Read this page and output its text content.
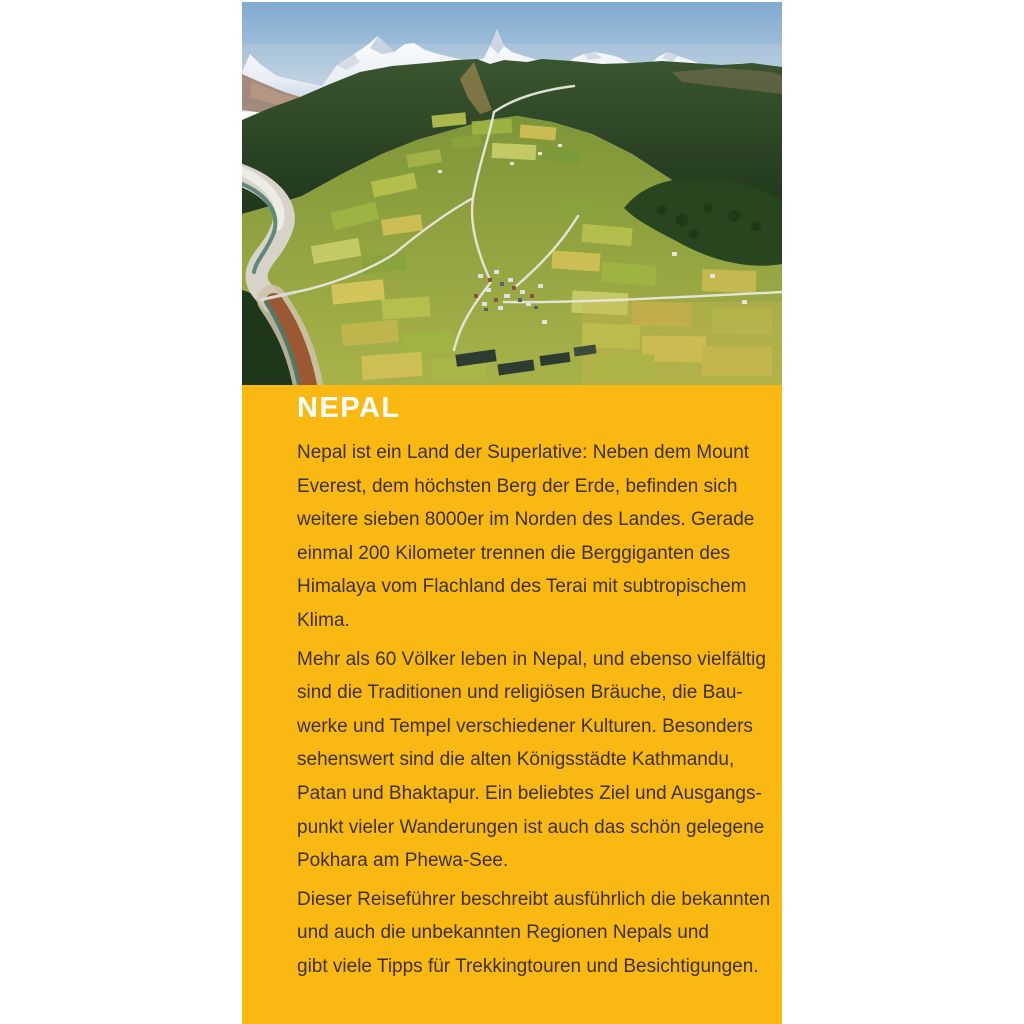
NEPAL
Nepal ist ein Land der Superlative: Neben dem Mount
Everest, dem höchsten Berg der Erde, befinden sich
weitere sieben 8000er im Norden des Landes. Gerade
einmal 200 Kilometer trennen die Berggiganten des
Himalaya vom Flachland des Terai mit subtropischem
Klima.
Mehr als 60 Völker leben in Nepal, und ebenso vielfältig
sind die Traditionen und religiösen Bräuche, die Bau-
werke und Tempel verschiedener Kulturen. Besonders
sehenswert sind die alten Königsstädte Kathmandu,
Patan und Bhaktapur. Ein beliebtes Ziel und Ausgangs-
punkt vieler Wanderungen ist auch das schön gelegene
Pokhara am Phewa-See.
Dieser Reiseführer beschreibt ausführlich die bekannten
und auch die unbekannten Regionen Nepals und
gibt viele Tipps für Trekkingtouren und Besichtigungen.
